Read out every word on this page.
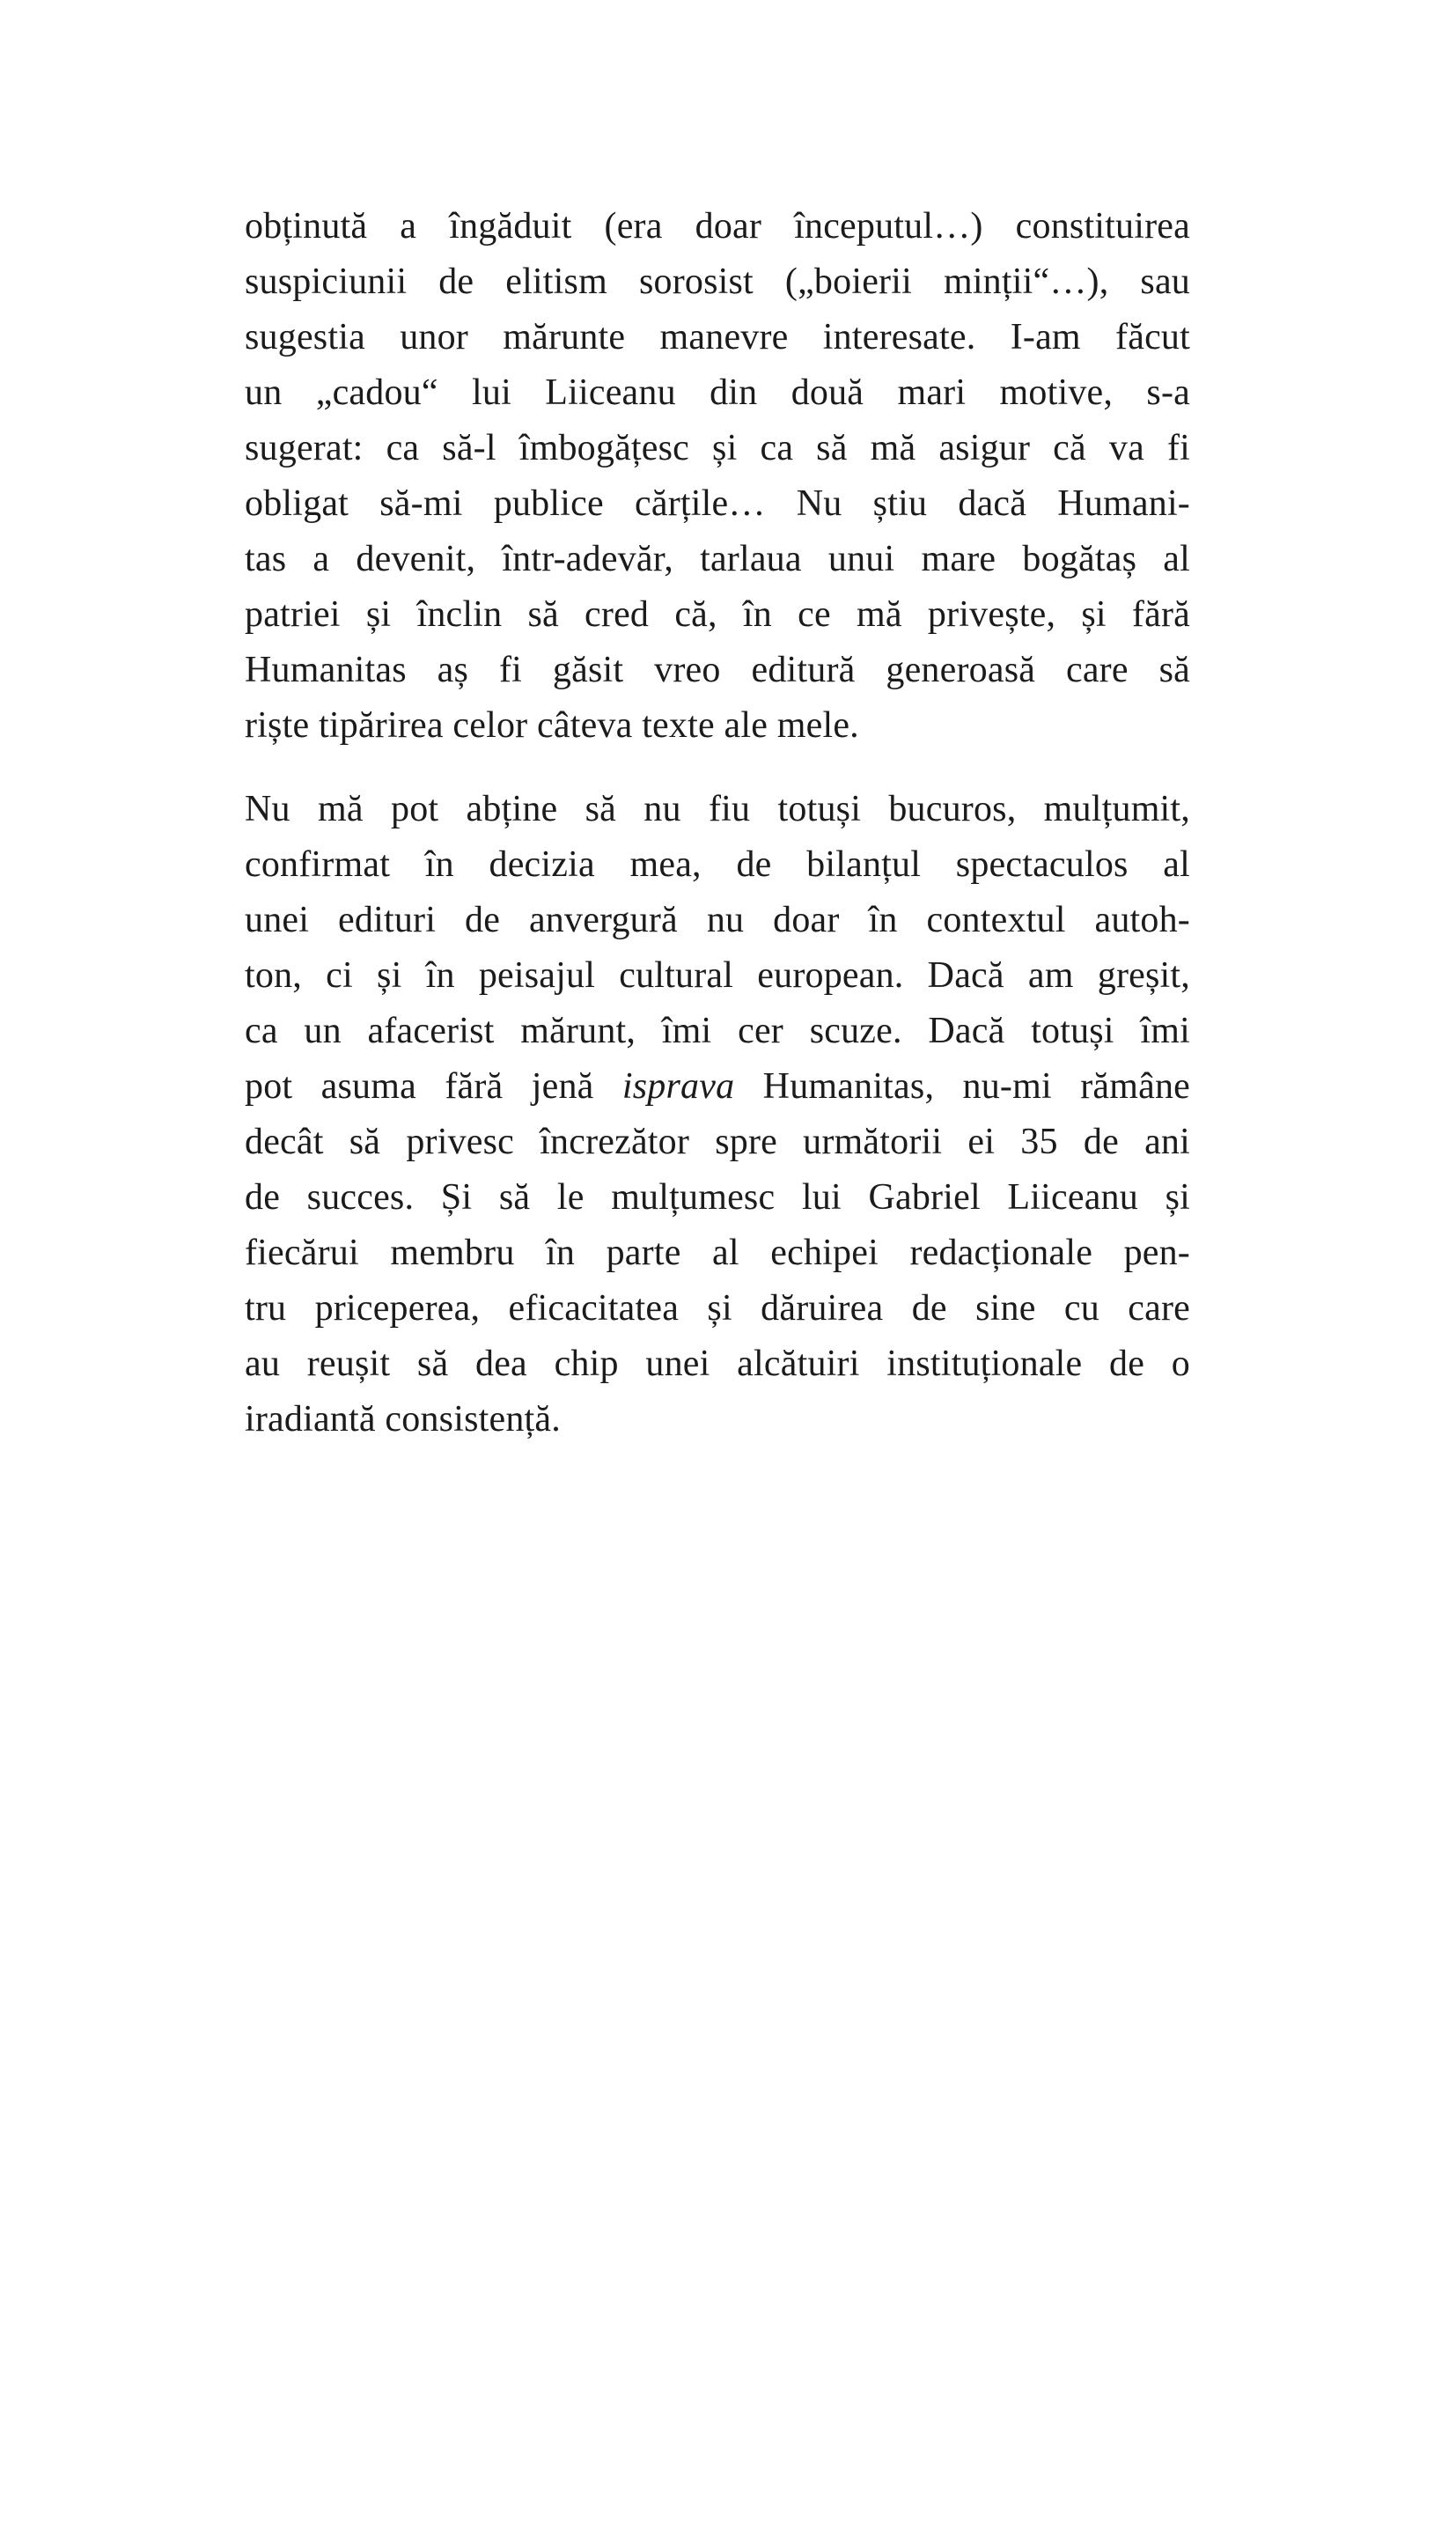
obținută a îngăduit (era doar începutul…) constituirea
suspiciunii de elitism sorosist („boierii minții“…), sau
sugestia unor mărunte manevre interesate. I-am făcut
un „cadou“ lui Liiceanu din două mari motive, s-a
sugerat: ca să-l îmbogățesc și ca să mă asigur că va fi
obligat să-mi publice cărțile… Nu știu dacă Humani-
tas a devenit, într-adevăr, tarlaua unui mare bogătaș al
patriei și înclin să cred că, în ce mă privește, și fără
Humanitas aș fi găsit vreo editură generoasă care să
riște tipărirea celor câteva texte ale mele.
Nu mă pot abține să nu fiu totuși bucuros, mulțumit,
confirmat în decizia mea, de bilanțul spectaculos al
unei edituri de anvergură nu doar în contextul autoh-
ton, ci și în peisajul cultural european. Dacă am greșit,
ca un afacerist mărunt, îmi cer scuze. Dacă totuși îmi
pot asuma fără jenă isprava Humanitas, nu-mi rămâne
decât să privesc încrezător spre următorii ei 35 de ani
de succes. Și să le mulțumesc lui Gabriel Liiceanu și
fiecărui membru în parte al echipei redacționale pen-
tru priceperea, eficacitatea și dăruirea de sine cu care
au reușit să dea chip unei alcătuiri instituționale de o
iradiantă consistență.
